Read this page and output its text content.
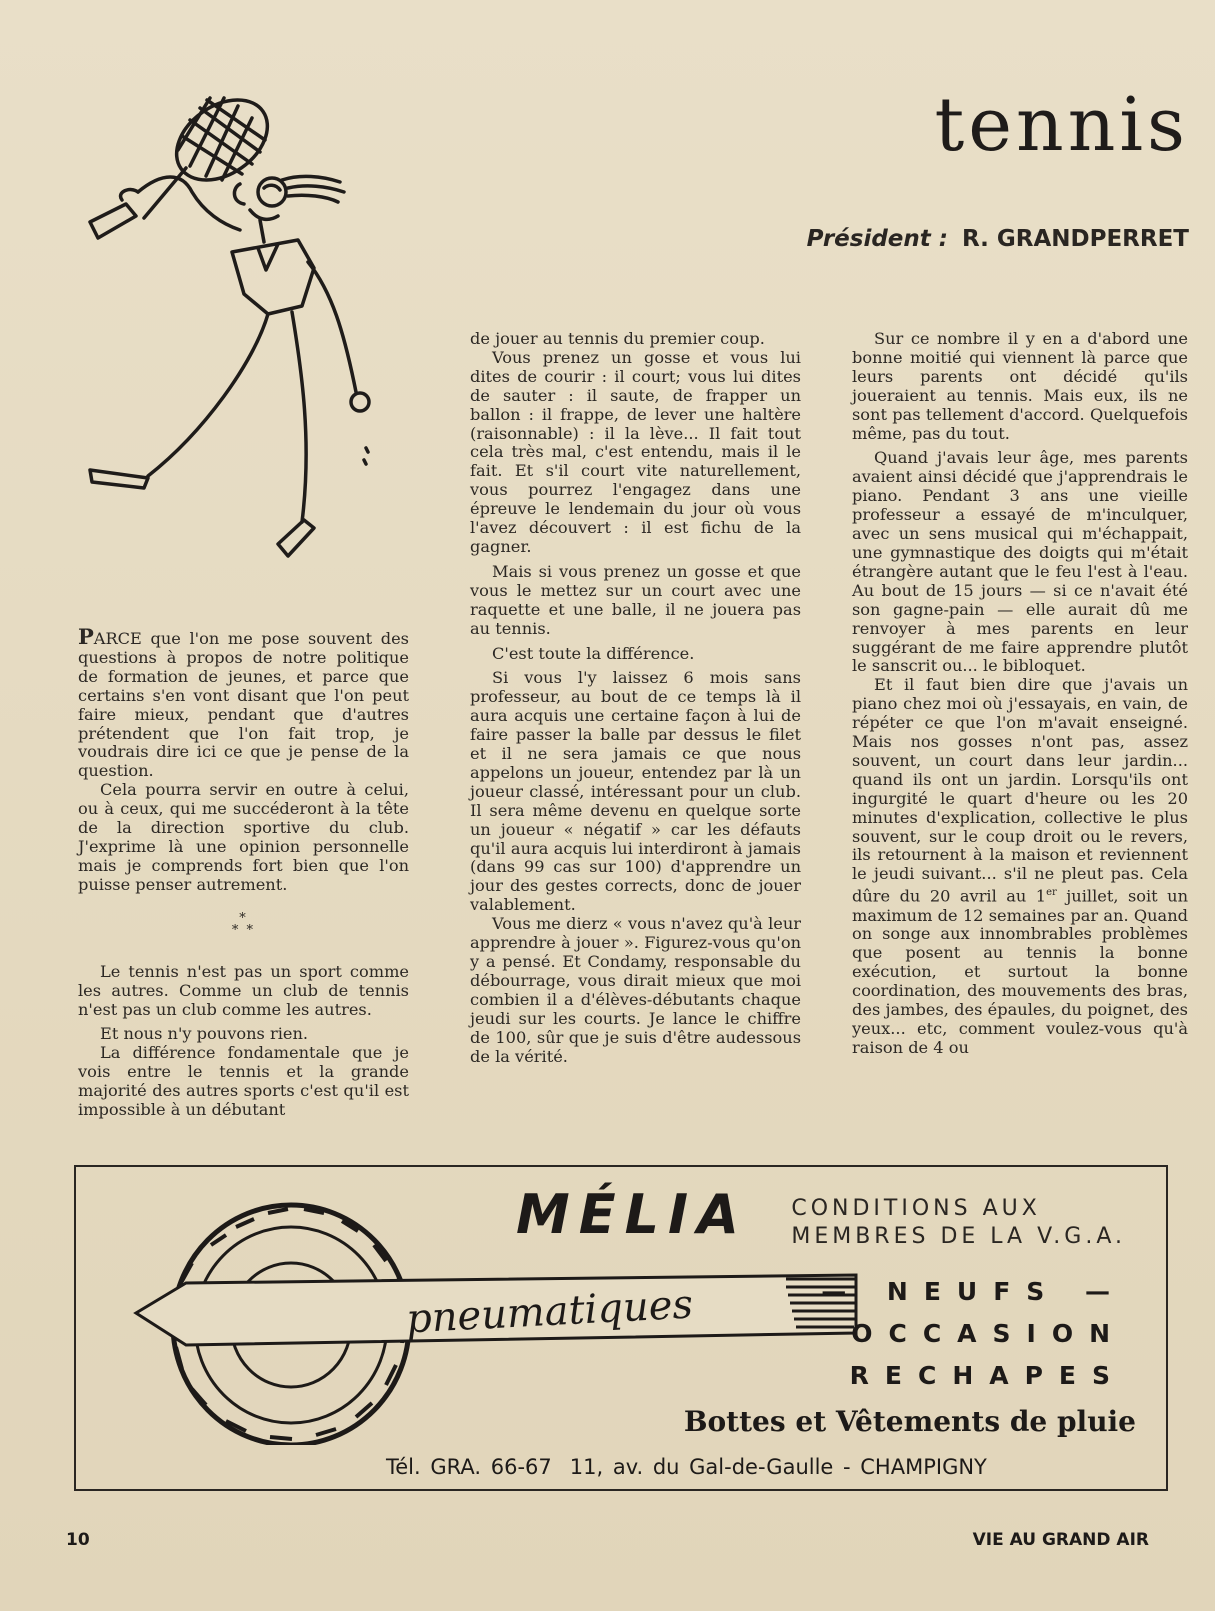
tennis
Président : R. GRANDPERRET

PARCE que l'on me pose souvent des questions à propos de notre politique de formation de jeunes, et parce que certains s'en vont disant que l'on peut faire mieux, pendant que d'autres prétendent que l'on fait trop, je voudrais dire ici ce que je pense de la question.

Cela pourra servir en outre à celui, ou à ceux, qui me succéderont à la tête de la direction sportive du club. J'exprime là une opinion personnelle mais je comprends fort bien que l'on puisse penser autrement.

*
* *

Le tennis n'est pas un sport comme les autres. Comme un club de tennis n'est pas un club comme les autres.

Et nous n'y pouvons rien.

La différence fondamentale que je vois entre le tennis et la grande majorité des autres sports c'est qu'il est impossible à un débutant

de jouer au tennis du premier coup.

Vous prenez un gosse et vous lui dites de courir : il court; vous lui dites de sauter : il saute, de frapper un ballon : il frappe, de lever une haltère (raisonnable) : il la lève... Il fait tout cela très mal, c'est entendu, mais il le fait. Et s'il court vite naturellement, vous pourrez l'engagez dans une épreuve le lendemain du jour où vous l'avez découvert : il est fichu de la gagner.

Mais si vous prenez un gosse et que vous le mettez sur un court avec une raquette et une balle, il ne jouera pas au tennis.

C'est toute la différence.

Si vous l'y laissez 6 mois sans professeur, au bout de ce temps là il aura acquis une certaine façon à lui de faire passer la balle par dessus le filet et il ne sera jamais ce que nous appelons un joueur, entendez par là un joueur classé, intéressant pour un club. Il sera même devenu en quelque sorte un joueur « négatif » car les défauts qu'il aura acquis lui interdiront à jamais (dans 99 cas sur 100) d'apprendre un jour des gestes corrects, donc de jouer valablement.

Vous me dierz « vous n'avez qu'à leur apprendre à jouer ». Figurez-vous qu'on y a pensé. Et Condamy, responsable du débourrage, vous dirait mieux que moi combien il a d'élèves-débutants chaque jeudi sur les courts. Je lance le chiffre de 100, sûr que je suis d'être audessous de la vérité.

Sur ce nombre il y en a d'abord une bonne moitié qui viennent là parce que leurs parents ont décidé qu'ils joueraient au tennis. Mais eux, ils ne sont pas tellement d'accord. Quelquefois même, pas du tout.

Quand j'avais leur âge, mes parents avaient ainsi décidé que j'apprendrais le piano. Pendant 3 ans une vieille professeur a essayé de m'inculquer, avec un sens musical qui m'échappait, une gymnastique des doigts qui m'était étrangère autant que le feu l'est à l'eau. Au bout de 15 jours — si ce n'avait été son gagne-pain — elle aurait dû me renvoyer à mes parents en leur suggérant de me faire apprendre plutôt le sanscrit ou... le bibloquet.

Et il faut bien dire que j'avais un piano chez moi où j'essayais, en vain, de répéter ce que l'on m'avait enseigné. Mais nos gosses n'ont pas, assez souvent, un court dans leur jardin... quand ils ont un jardin. Lorsqu'ils ont ingurgité le quart d'heure ou les 20 minutes d'explication, collective le plus souvent, sur le coup droit ou le revers, ils retournent à la maison et reviennent le jeudi suivant... s'il ne pleut pas. Cela dûre du 20 avril au 1er juillet, soit un maximum de 12 semaines par an. Quand on songe aux innombrables problèmes que posent au tennis la bonne exécution, et surtout la bonne coordination, des mouvements des bras, des jambes, des épaules, du poignet, des yeux... etc, comment voulez-vous qu'à raison de 4 ou

MÉLIA
pneumatiques
CONDITIONS AUX
MEMBRES DE LA V.G.A.
— NEUFS —
OCCASION
RECHAPES
Bottes et Vêtements de pluie
Tél. GRA. 66-67 11, av. du Gal-de-Gaulle - CHAMPIGNY
10	VIE AU GRAND AIR
